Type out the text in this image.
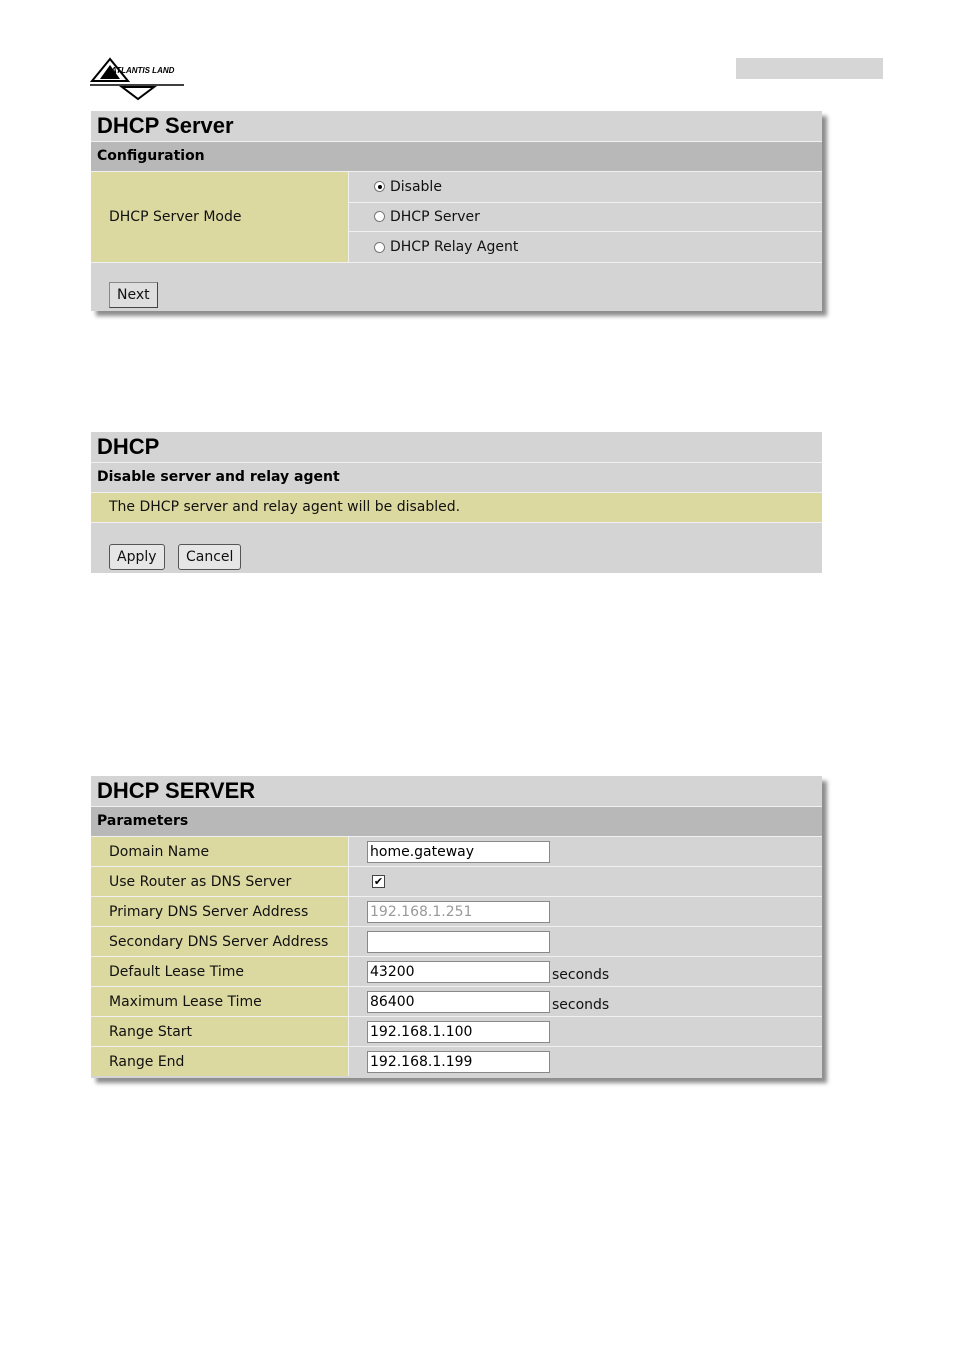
ATLANTIS LAND
DHCP Server
Configuration
DHCP Server Mode
Disable
DHCP Server
DHCP Relay Agent
Next
DHCP
Disable server and relay agent
The DHCP server and relay agent will be disabled.
Apply	Cancel
DHCP SERVER
Parameters
Domain Name	home.gateway
Use Router as DNS Server	✔
Primary DNS Server Address	192.168.1.251
Secondary DNS Server Address
Default Lease Time	43200	seconds
Maximum Lease Time	86400	seconds
Range Start	192.168.1.100
Range End	192.168.1.199
